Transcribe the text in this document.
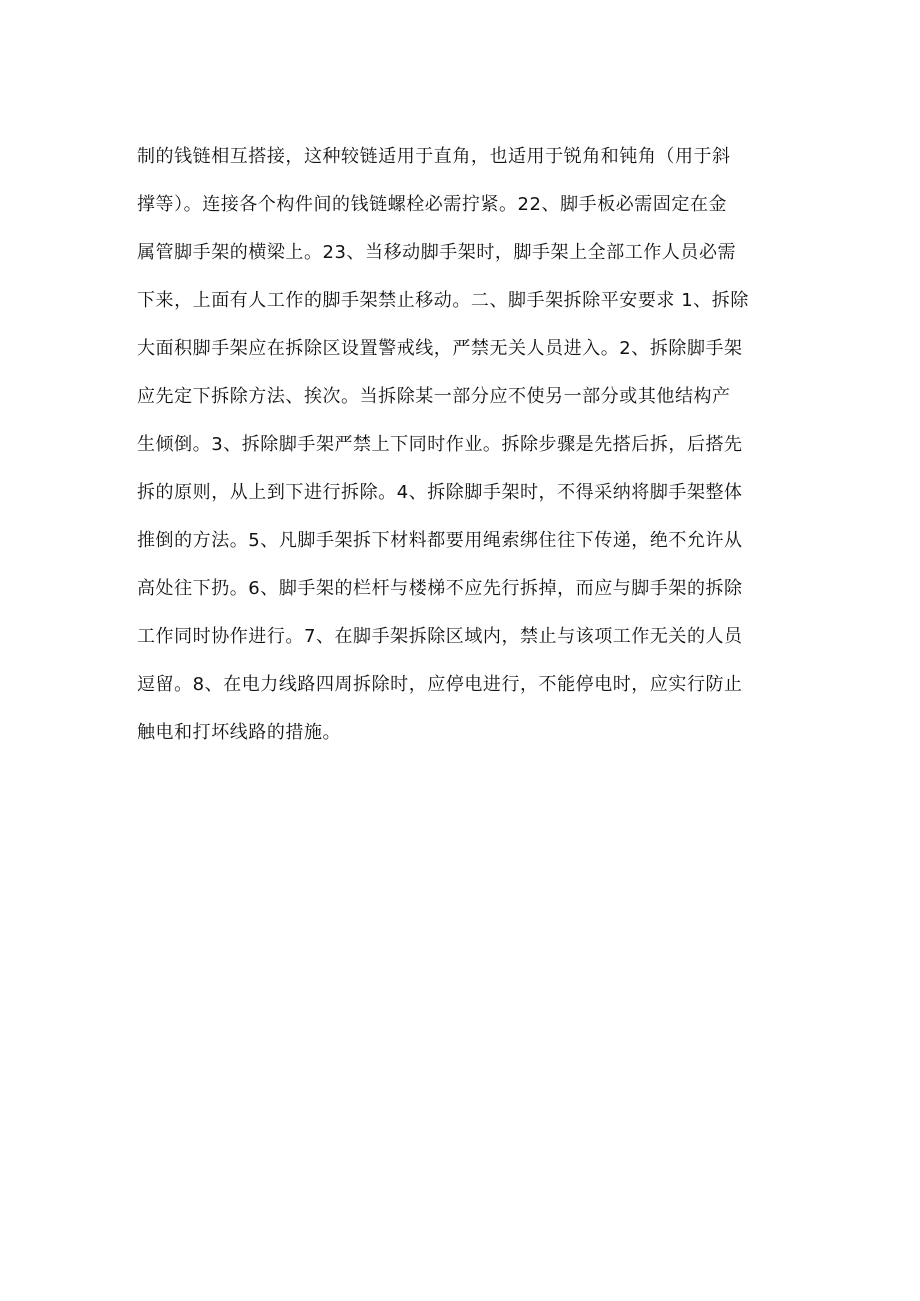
制的钱链相互搭接，这种较链适用于直角，也适用于锐角和钝角（用于斜
撑等）。连接各个构件间的钱链螺栓必需拧紧。22、脚手板必需固定在金
属管脚手架的横梁上。23、当移动脚手架时，脚手架上全部工作人员必需
下来，上面有人工作的脚手架禁止移动。二、脚手架拆除平安要求 1、拆除
大面积脚手架应在拆除区设置警戒线，严禁无关人员进入。2、拆除脚手架
应先定下拆除方法、挨次。当拆除某一部分应不使另一部分或其他结构产
生倾倒。3、拆除脚手架严禁上下同时作业。拆除步骤是先搭后拆，后搭先
拆的原则，从上到下进行拆除。4、拆除脚手架时，不得采纳将脚手架整体
推倒的方法。5、凡脚手架拆下材料都要用绳索绑住往下传递，绝不允许从
高处往下扔。6、脚手架的栏杆与楼梯不应先行拆掉，而应与脚手架的拆除
工作同时协作进行。7、在脚手架拆除区域内，禁止与该项工作无关的人员
逗留。8、在电力线路四周拆除时，应停电进行，不能停电时，应实行防止
触电和打坏线路的措施。
